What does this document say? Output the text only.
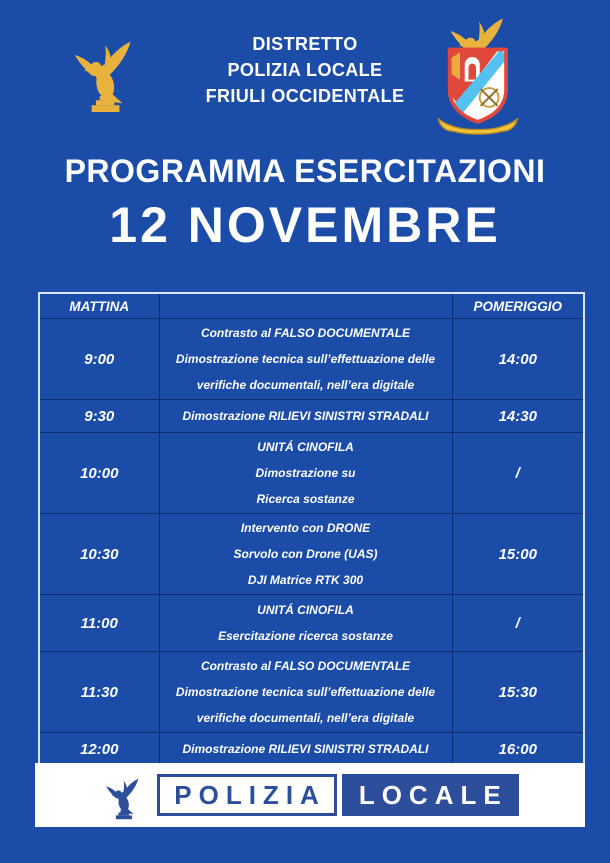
DISTRETTO
POLIZIA LOCALE
FRIULI OCCIDENTALE
PROGRAMMA ESERCITAZIONI
12 NOVEMBRE
MATTINA		POMERIGGIO
9:00	Contrasto al FALSO DOCUMENTALE
Dimostrazione tecnica sull’effettuazione delle
verifiche documentali, nell’era digitale	14:00
9:30	Dimostrazione RILIEVI SINISTRI STRADALI	14:30
10:00	UNITÁ CINOFILA
Dimostrazione su
Ricerca sostanze	/
10:30	Intervento con DRONE
Sorvolo con Drone (UAS)
DJI Matrice RTK 300	15:00
11:00	UNITÁ CINOFILA
Esercitazione ricerca sostanze	/
11:30	Contrasto al FALSO DOCUMENTALE
Dimostrazione tecnica sull’effettuazione delle
verifiche documentali, nell’era digitale	15:30
12:00	Dimostrazione RILIEVI SINISTRI STRADALI	16:00
POLIZIA	LOCALE
